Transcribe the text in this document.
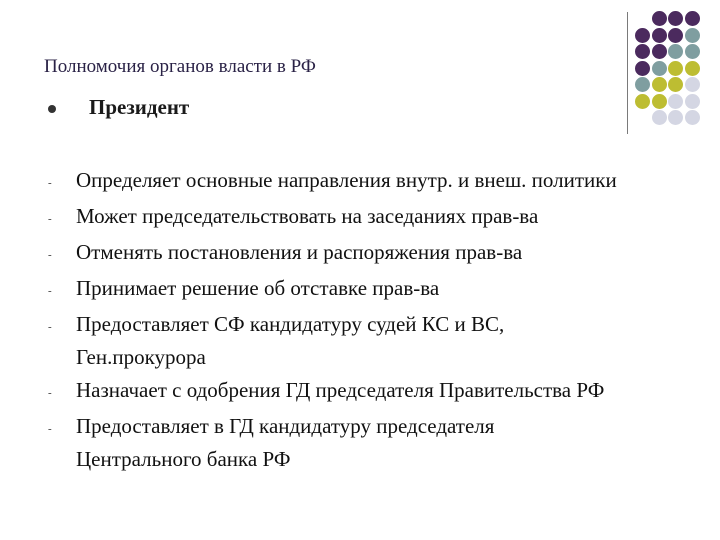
Полномочия органов власти в РФ
Президент
-	Определяет основные направления внутр. и внеш. политики
-	Может председательствовать на заседаниях прав-ва
-	Отменять постановления и распоряжения прав-ва
-	Принимает решение об отставке прав-ва
-	Предоставляет СФ кандидатуру судей КС и ВС,
Ген.прокурора
-	Назначает с одобрения ГД председателя Правительства РФ
-	Предоставляет в ГД кандидатуру председателя
Центрального банка РФ
